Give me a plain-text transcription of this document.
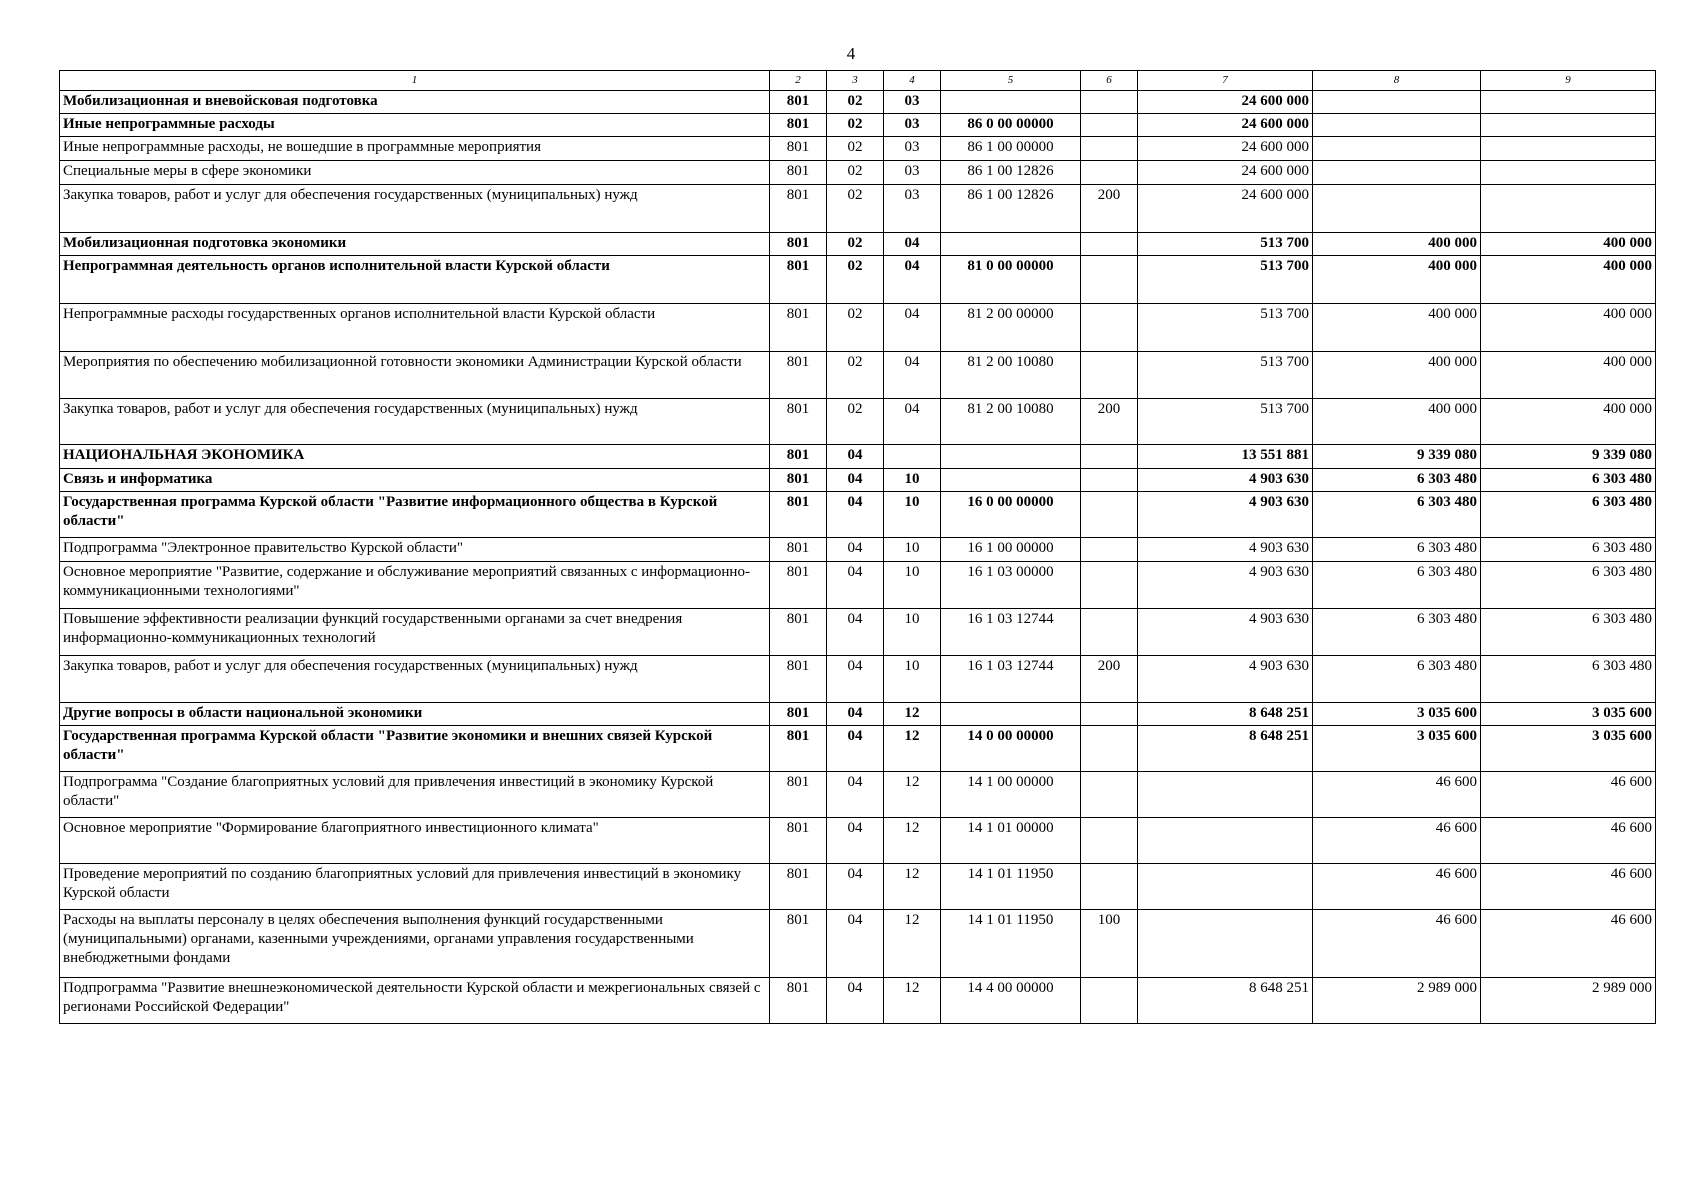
4
1	2	3	4	5	6	7	8	9
Мобилизационная и вневойсковая подготовка	801	02	03			24 600 000		
Иные непрограммные расходы	801	02	03	86 0 00 00000		24 600 000		
Иные непрограммные расходы, не вошедшие в программные мероприятия	801	02	03	86 1 00 00000		24 600 000		
Специальные меры в сфере экономики	801	02	03	86 1 00 12826		24 600 000		
Закупка товаров, работ и услуг для обеспечения государственных (муниципальных) нужд	801	02	03	86 1 00 12826	200	24 600 000		
Мобилизационная подготовка экономики	801	02	04			513 700	400 000	400 000
Непрограммная деятельность органов исполнительной власти Курской области	801	02	04	81 0 00 00000		513 700	400 000	400 000
Непрограммные расходы государственных органов исполнительной власти Курской области	801	02	04	81 2 00 00000		513 700	400 000	400 000
Мероприятия по обеспечению мобилизационной готовности экономики Администрации Курской области	801	02	04	81 2 00 10080		513 700	400 000	400 000
Закупка товаров, работ и услуг для обеспечения государственных (муниципальных) нужд	801	02	04	81 2 00 10080	200	513 700	400 000	400 000
НАЦИОНАЛЬНАЯ ЭКОНОМИКА	801	04				13 551 881	9 339 080	9 339 080
Связь и информатика	801	04	10			4 903 630	6 303 480	6 303 480
Государственная программа Курской области "Развитие информационного общества в Курской области"	801	04	10	16 0 00 00000		4 903 630	6 303 480	6 303 480
Подпрограмма "Электронное правительство Курской области"	801	04	10	16 1 00 00000		4 903 630	6 303 480	6 303 480
Основное мероприятие "Развитие, содержание и обслуживание мероприятий связанных с информационно-коммуникационными технологиями"	801	04	10	16 1 03 00000		4 903 630	6 303 480	6 303 480
Повышение эффективности реализации функций государственными органами за счет внедрения информационно-коммуникационных технологий	801	04	10	16 1 03 12744		4 903 630	6 303 480	6 303 480
Закупка товаров, работ и услуг для обеспечения государственных (муниципальных) нужд	801	04	10	16 1 03 12744	200	4 903 630	6 303 480	6 303 480
Другие вопросы в области национальной экономики	801	04	12			8 648 251	3 035 600	3 035 600
Государственная программа Курской области "Развитие экономики и внешних связей Курской области"	801	04	12	14 0 00 00000		8 648 251	3 035 600	3 035 600
Подпрограмма "Создание благоприятных условий для привлечения инвестиций в экономику Курской области"	801	04	12	14 1 00 00000			46 600	46 600
Основное мероприятие "Формирование благоприятного инвестиционного климата"	801	04	12	14 1 01 00000			46 600	46 600
Проведение мероприятий по созданию благоприятных условий для привлечения инвестиций в экономику Курской области	801	04	12	14 1 01 11950			46 600	46 600
Расходы на выплаты персоналу в целях обеспечения выполнения функций государственными (муниципальными) органами, казенными учреждениями, органами управления государственными внебюджетными фондами	801	04	12	14 1 01 11950	100		46 600	46 600
Подпрограмма "Развитие внешнеэкономической деятельности Курской области и межрегиональных связей с регионами Российской Федерации"	801	04	12	14 4 00 00000		8 648 251	2 989 000	2 989 000
